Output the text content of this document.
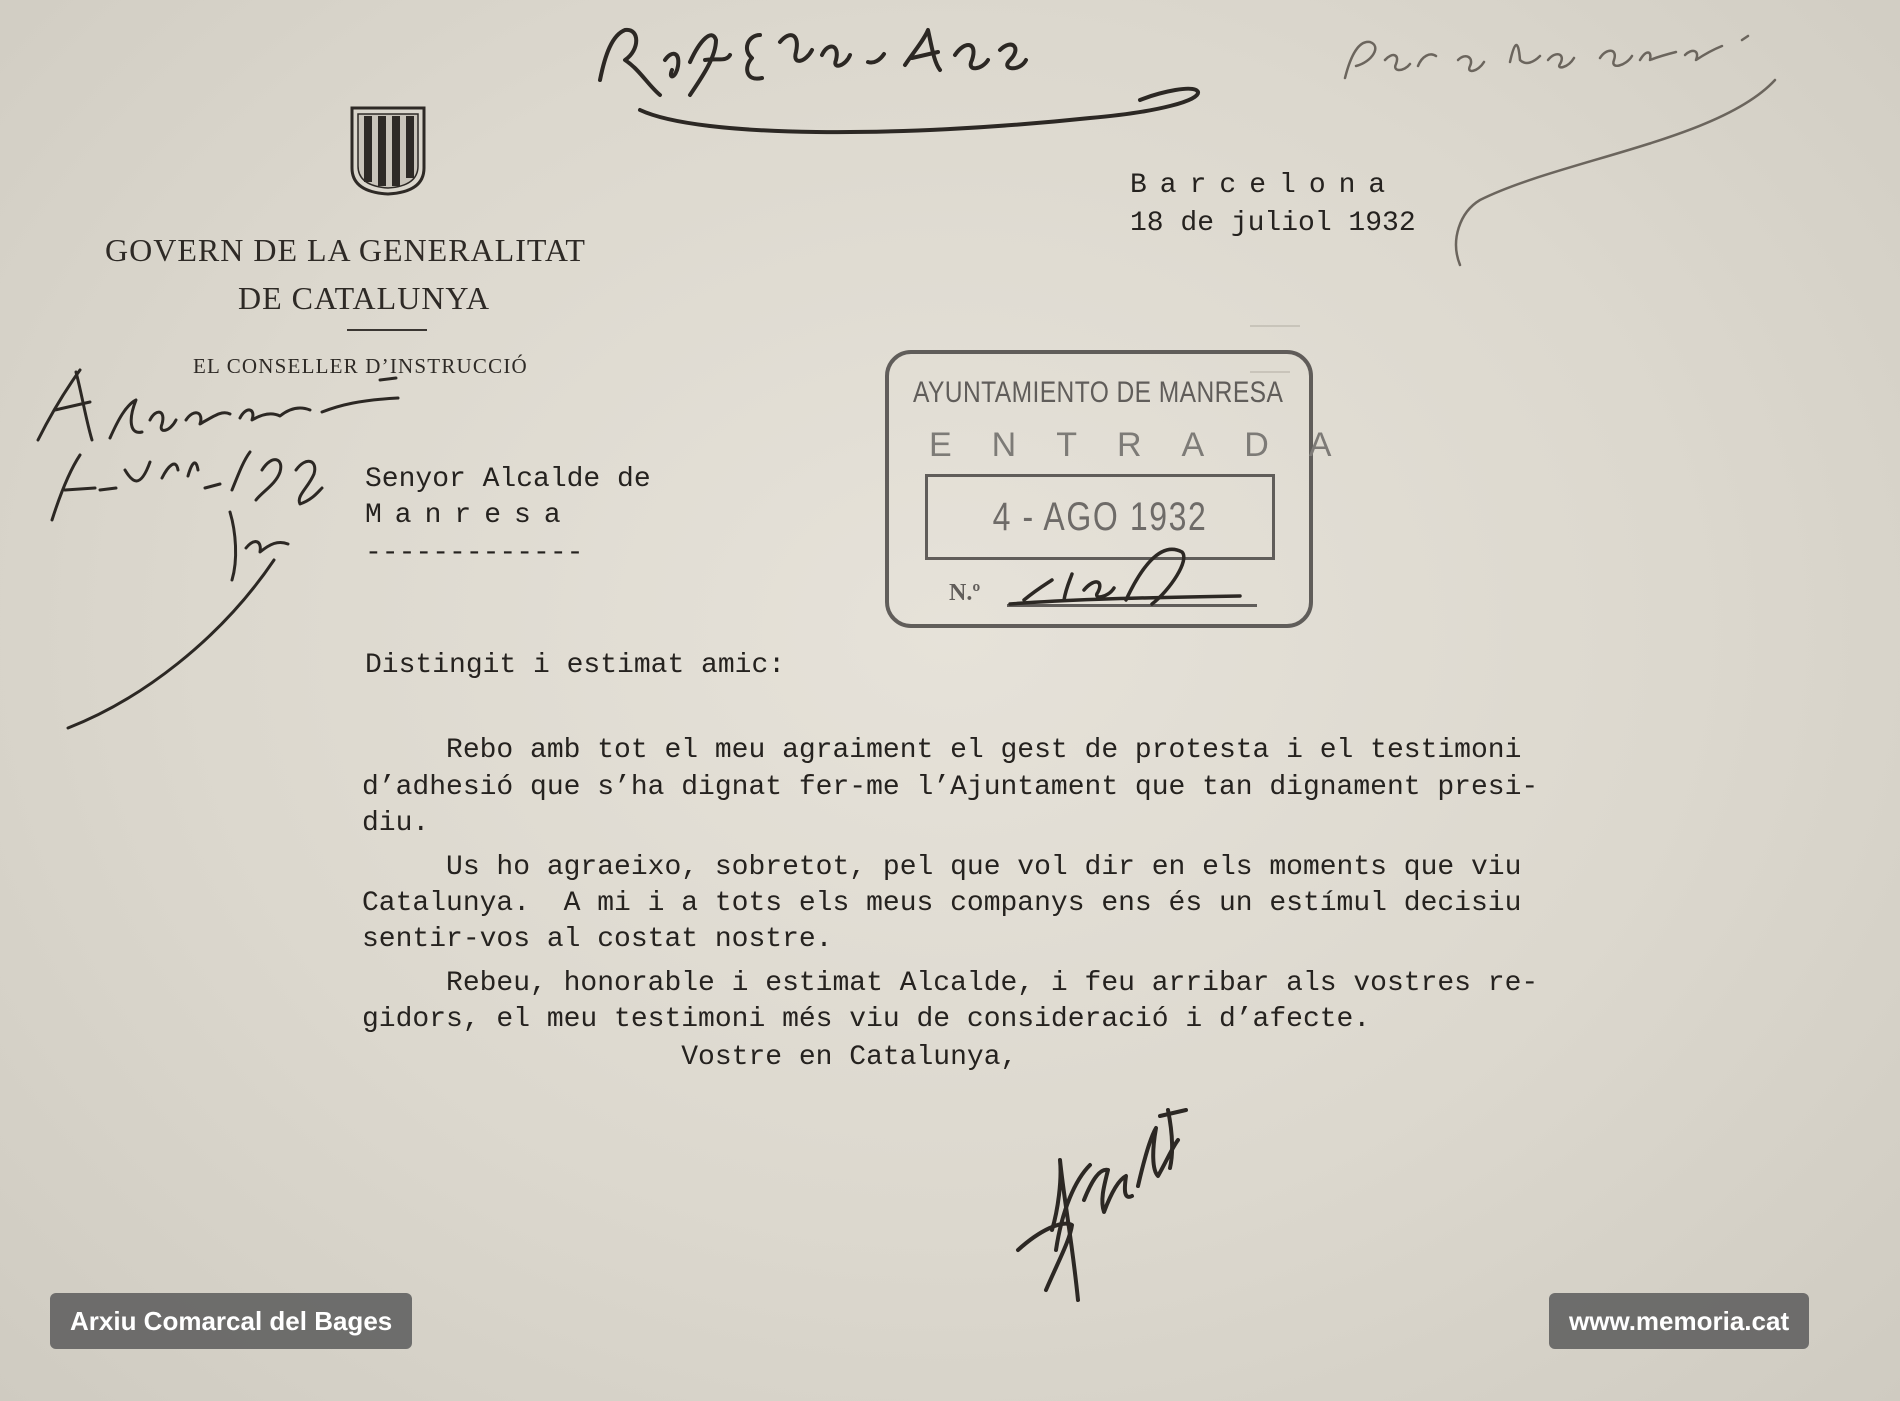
GOVERN DE LA GENERALITAT
DE CATALUNYA
EL CONSELLER D’INSTRUCCIÓ
Barcelona
18 de juliol 1932
Senyor Alcalde de
Manresa
-------------
Distingit i estimat amic:
Rebo amb tot el meu agraiment el gest de protesta i el testimoni
d’adhesió que s’ha dignat fer-me l’Ajuntament que tan dignament presi-
diu.
Us ho agraeixo, sobretot, pel que vol dir en els moments que viu
Catalunya.  A mi i a tots els meus companys ens és un estímul decisiu
sentir-vos al costat nostre.
Rebeu, honorable i estimat Alcalde, i feu arribar als vostres re-
gidors, el meu testimoni més viu de consideració i d’afecte.
Vostre en Catalunya,
AYUNTAMIENTO DE MANRESA
ENTRADA
4 - AGO 1932
N.º
Arxiu Comarcal del Bages	www.memoria.cat
